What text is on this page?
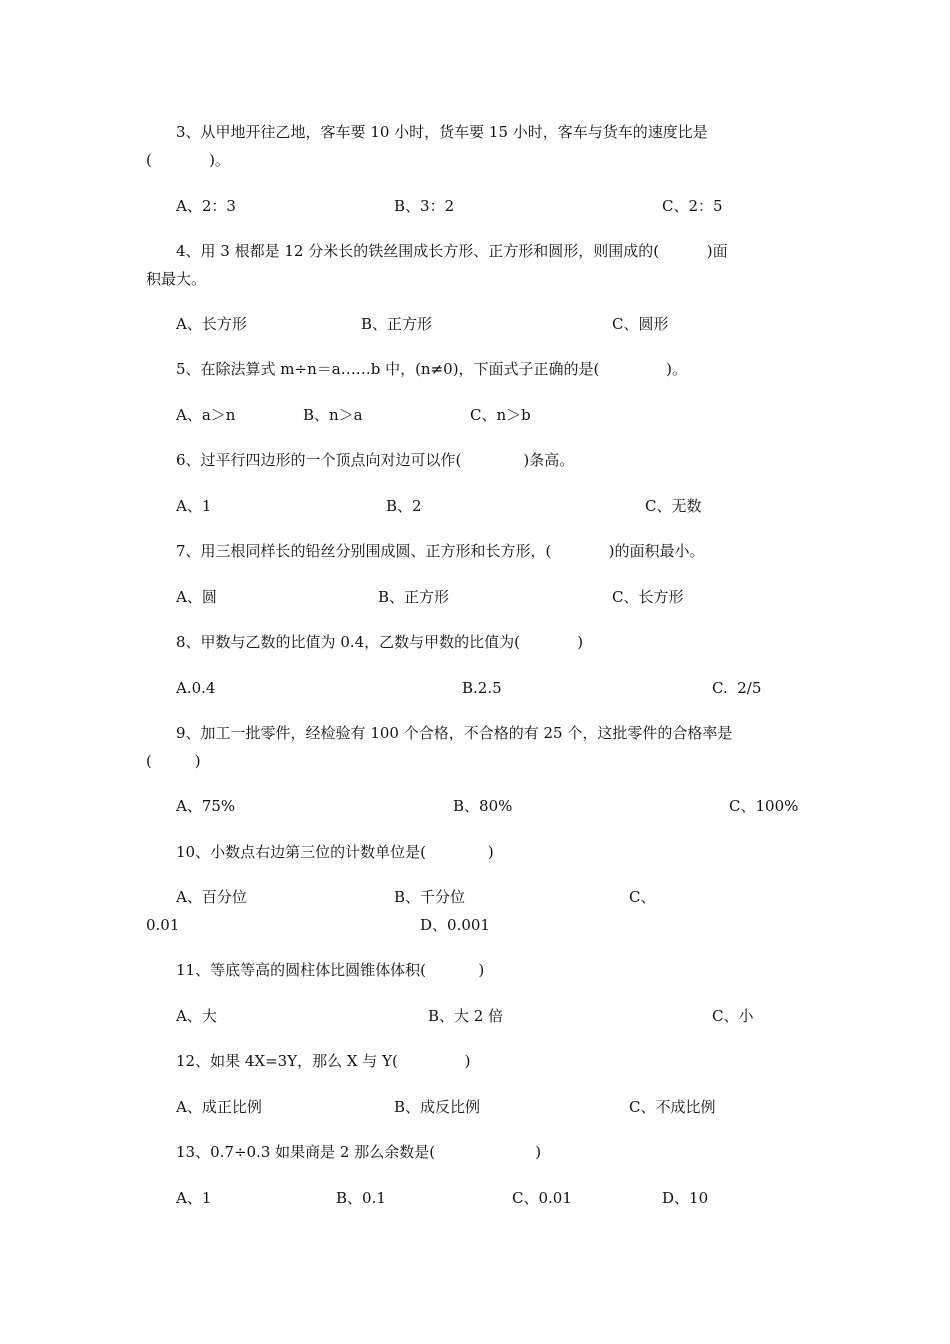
3、从甲地开往乙地，客车要 10 小时，货车要 15 小时，客车与货车的速度比是
(            )。
A、2：3	B、3：2	C、2：5
4、用 3 根都是 12 分米长的铁丝围成长方形、正方形和圆形，则围成的(          )面
积最大。
A、长方形	B、正方形	C、圆形
5、在除法算式 m÷n＝a……b 中，(n≠0)，下面式子正确的是(              )。
A、a＞n	B、n＞a	C、n＞b
6、过平行四边形的一个顶点向对边可以作(             )条高。
A、1	B、2	C、无数
7、用三根同样长的铅丝分别围成圆、正方形和长方形，(            )的面积最小。
A、圆	B、正方形	C、长方形
8、甲数与乙数的比值为 0.4，乙数与甲数的比值为(            )
A.0.4	B.2.5	C.  2/5
9、加工一批零件，经检验有 100 个合格，不合格的有 25 个，这批零件的合格率是
(         )
A、75%	B、80%	C、100%
10、小数点右边第三位的计数单位是(             )
A、百分位	B、千分位	C、
0.01	D、0.001
11、等底等高的圆柱体比圆锥体体积(           )
A、大	B、大 2 倍	C、小
12、如果 4X=3Y，那么 X 与 Y(              )
A、成正比例	B、成反比例	C、不成比例
13、0.7÷0.3 如果商是 2 那么余数是(                     )
A、1	B、0.1	C、0.01	D、10
